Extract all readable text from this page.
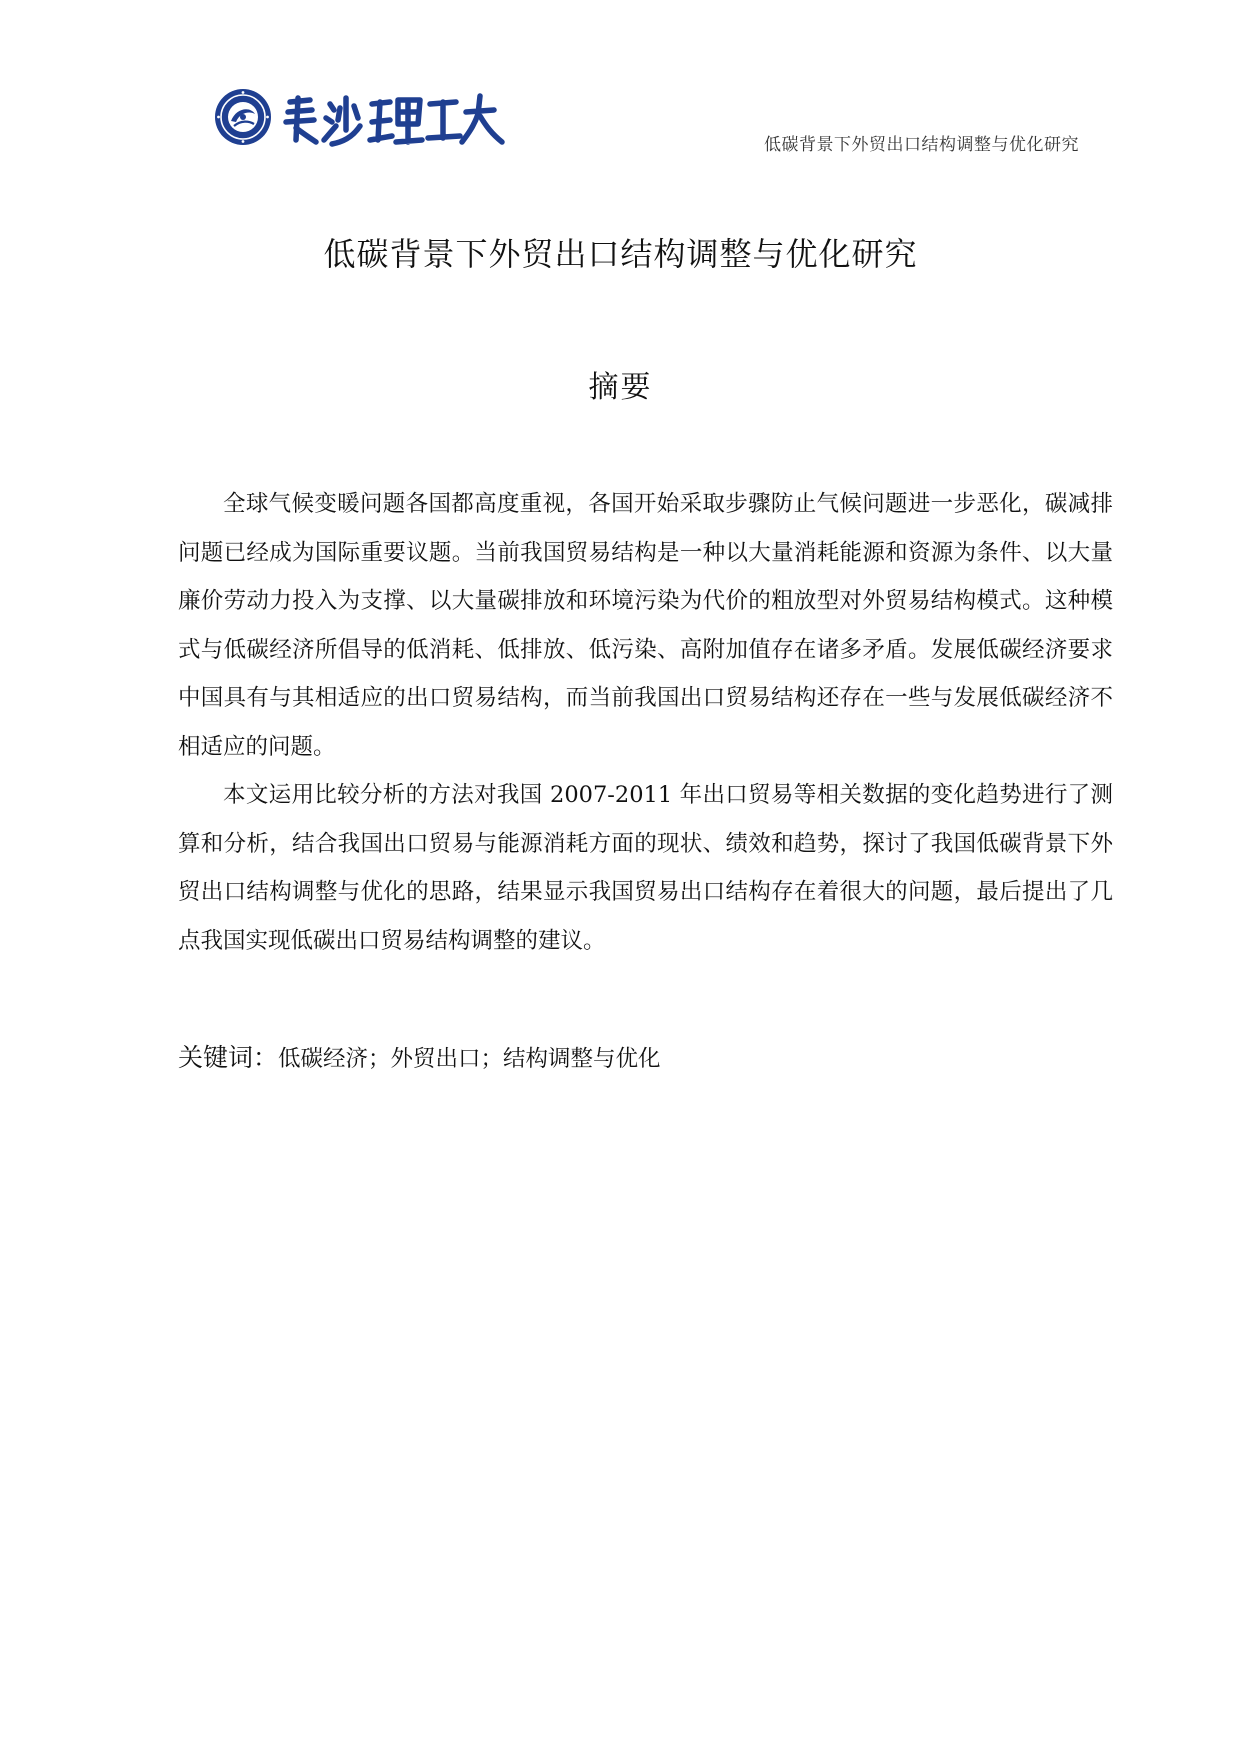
低碳背景下外贸出口结构调整与优化研究
低碳背景下外贸出口结构调整与优化研究
摘要

全球气候变暖问题各国都高度重视，各国开始采取步骤防止气候问题进一步恶化，碳减排问题已经成为国际重要议题。当前我国贸易结构是一种以大量消耗能源和资源为条件、以大量廉价劳动力投入为支撑、以大量碳排放和环境污染为代价的粗放型对外贸易结构模式。这种模式与低碳经济所倡导的低消耗、低排放、低污染、高附加值存在诸多矛盾。发展低碳经济要求中国具有与其相适应的出口贸易结构，而当前我国出口贸易结构还存在一些与发展低碳经济不相适应的问题。

本文运用比较分析的方法对我国 2007-2011 年出口贸易等相关数据的变化趋势进行了测算和分析，结合我国出口贸易与能源消耗方面的现状、绩效和趋势，探讨了我国低碳背景下外贸出口结构调整与优化的思路，结果显示我国贸易出口结构存在着很大的问题，最后提出了几点我国实现低碳出口贸易结构调整的建议。

关键词：低碳经济；外贸出口；结构调整与优化
